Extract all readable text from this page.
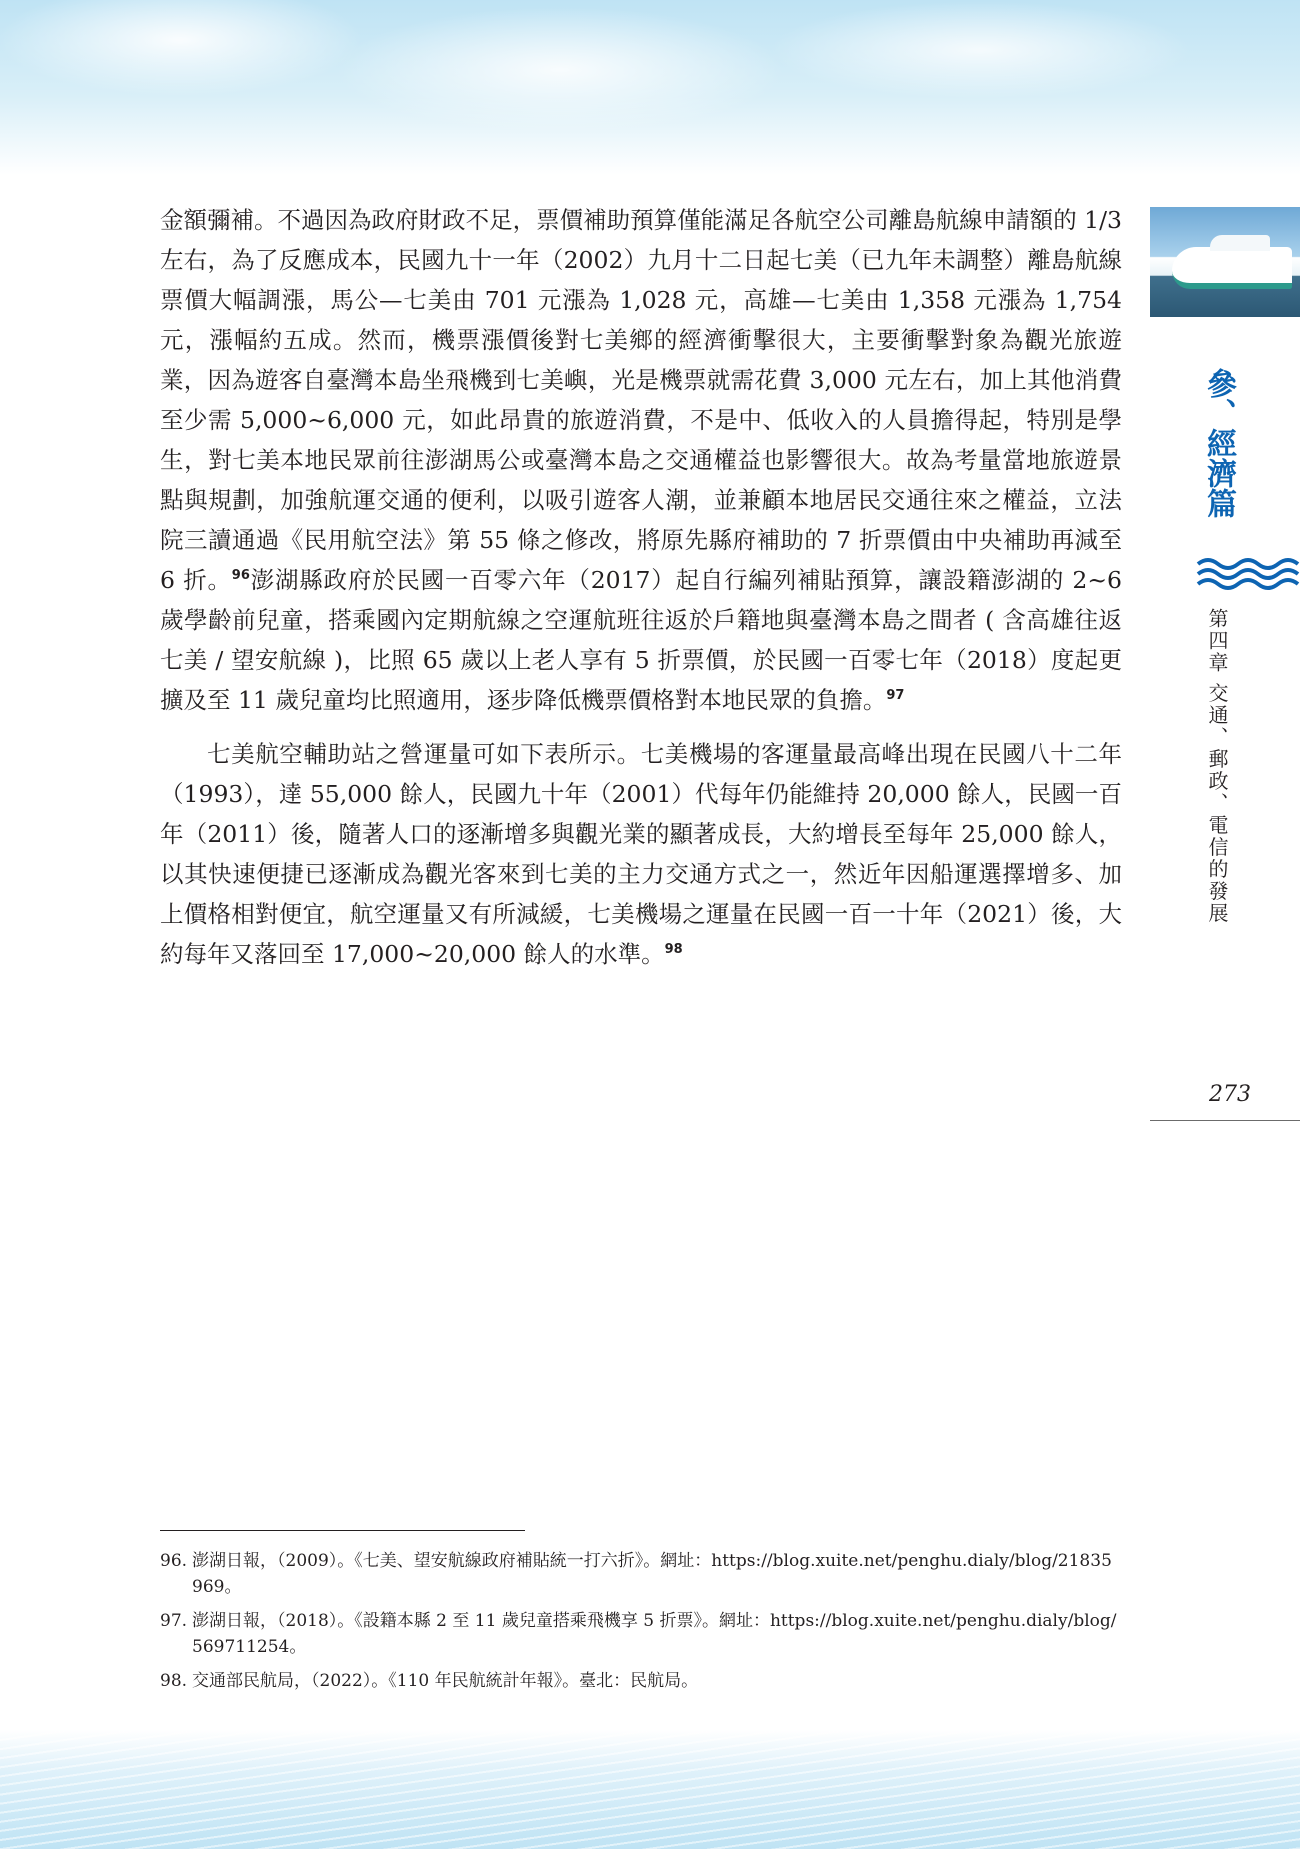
參、經濟篇
第四章 交通、郵政、電信的發展
273

金額彌補。不過因為政府財政不足，票價補助預算僅能滿足各航空公司離島航線申請額的 1/3 左右，為了反應成本，民國九十一年（2002）九月十二日起七美（已九年未調整）離島航線票價大幅調漲，馬公—七美由 701 元漲為 1,028 元，高雄—七美由 1,358 元漲為 1,754 元，漲幅約五成。然而，機票漲價後對七美鄉的經濟衝擊很大，主要衝擊對象為觀光旅遊業，因為遊客自臺灣本島坐飛機到七美嶼，光是機票就需花費 3,000 元左右，加上其他消費至少需 5,000~6,000 元，如此昂貴的旅遊消費，不是中、低收入的人員擔得起，特別是學生，對七美本地民眾前往澎湖馬公或臺灣本島之交通權益也影響很大。故為考量當地旅遊景點與規劃，加強航運交通的便利，以吸引遊客人潮，並兼顧本地居民交通往來之權益，立法院三讀通過《民用航空法》第 55 條之修改，將原先縣府補助的 7 折票價由中央補助再減至 6 折。$^{96}$澎湖縣政府於民國一百零六年（2017）起自行編列補貼預算，讓設籍澎湖的 2~6 歲學齡前兒童，搭乘國內定期航線之空運航班往返於戶籍地與臺灣本島之間者 ( 含高雄往返七美 / 望安航線 )，比照 65 歲以上老人享有 5 折票價，於民國一百零七年（2018）度起更擴及至 11 歲兒童均比照適用，逐步降低機票價格對本地民眾的負擔。$^{97}$

七美航空輔助站之營運量可如下表所示。七美機場的客運量最高峰出現在民國八十二年（1993），達 55,000 餘人，民國九十年（2001）代每年仍能維持 20,000 餘人，民國一百年（2011）後，隨著人口的逐漸增多與觀光業的顯著成長，大約增長至每年 25,000 餘人，以其快速便捷已逐漸成為觀光客來到七美的主力交通方式之一，然近年因船運選擇增多、加上價格相對便宜，航空運量又有所減緩，七美機場之運量在民國一百一十年（2021）後，大約每年又落回至 17,000~20,000 餘人的水準。$^{98}$

96. 澎湖日報，（2009）。《七美、望安航線政府補貼統一打六折》。網址：https://blog.xuite.net/penghu.dialy/blog/21835969。
97. 澎湖日報，（2018）。《設籍本縣 2 至 11 歲兒童搭乘飛機享 5 折票》。網址：https://blog.xuite.net/penghu.dialy/blog/569711254。
98. 交通部民航局，（2022）。《110 年民航統計年報》。臺北：民航局。
